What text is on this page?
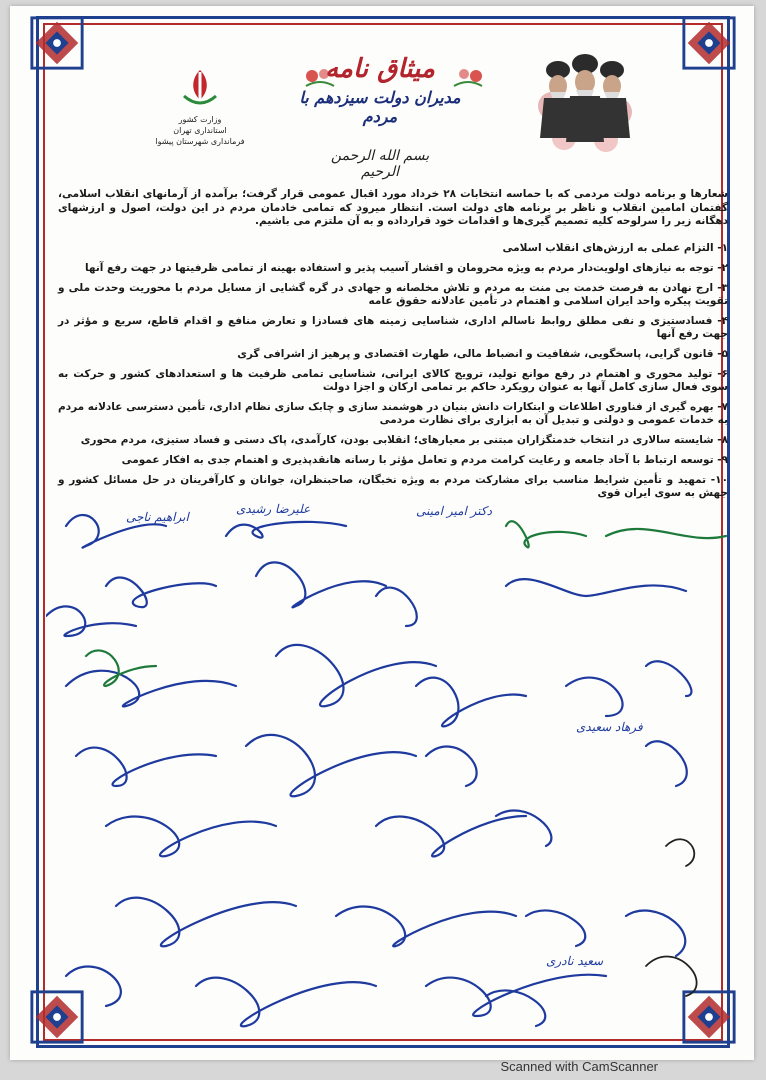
وزارت کشور
استانداری تهران
فرمانداری شهرستان پیشوا
میثاق نامه
مدیران دولت سیزدهم با مردم
بسم الله الرحمن الرحیم
شعارها و برنامه دولت مردمی که با حماسه انتخابات ۲۸ خرداد مورد اقبال عمومی قرار گرفت؛ برآمده از آرمانهای انقلاب اسلامی، گفتمان امامین انقلاب و ناظر بر برنامه های دولت است. انتظار میرود که تمامی خادمان مردم در این دولت، اصول و ارزشهای دهگانه زیر را سرلوحه کلیه تصمیم گیری‌ها و اقدامات خود قرارداده و به آن ملتزم می باشیم.
۱- التزام عملی به ارزش‌های انقلاب اسلامی
۲- توجه به نیازهای اولویت‌دار مردم به ویژه محرومان و اقشار آسیب پذیر و استفاده بهینه از تمامی ظرفیتها در جهت رفع آنها
۳- ارج نهادن به فرصت خدمت بی منت به مردم و تلاش مخلصانه و جهادی در گره گشایی از مسایل مردم با محوریت وحدت ملی و تقویت پیکره واحد ایران اسلامی و اهتمام در تأمین عادلانه حقوق عامه
۴- فسادستیزی و نفی مطلق روابط ناسالم اداری، شناسایی زمینه های فسادزا و تعارض منافع و اقدام قاطع، سریع و مؤثر در جهت رفع آنها
۵- قانون گرایی، پاسخگویی، شفافیت و انضباط مالی، طهارت اقتصادی و پرهیز از اشرافی گری
۶- تولید محوری و اهتمام در رفع موانع تولید، ترویج کالای ایرانی، شناسایی تمامی ظرفیت ها و استعدادهای کشور و حرکت به سوی فعال سازی کامل آنها به عنوان رویکرد حاکم بر تمامی ارکان و اجزا دولت
۷- بهره گیری از فناوری اطلاعات و ابتکارات دانش بنیان در هوشمند سازی و چابک سازی نظام اداری، تأمین دسترسی عادلانه مردم به خدمات عمومی و دولتی و تبدیل آن به ابزاری برای نظارت مردمی
۸- شایسته سالاری در انتخاب خدمتگزاران مبتنی بر معیارهای؛ انقلابی بودن، کارآمدی، پاک دستی و فساد ستیزی، مردم محوری
۹- توسعه ارتباط با آحاد جامعه و رعایت کرامت مردم و تعامل مؤثر با رسانه هانقدپذیری و اهتمام جدی به افکار عمومی
۱۰- تمهید و تأمین شرایط مناسب برای مشارکت مردم به ویژه نخبگان، صاحبنظران، جوانان و کارآفرینان در حل مسائل کشور و جهش به سوی ایران قوی
ابراهیم ناجی
علیرضا رشیدی	دکتر امیر امینی
فرهاد سعیدی
سعید نادری
Scanned with CamScanner
